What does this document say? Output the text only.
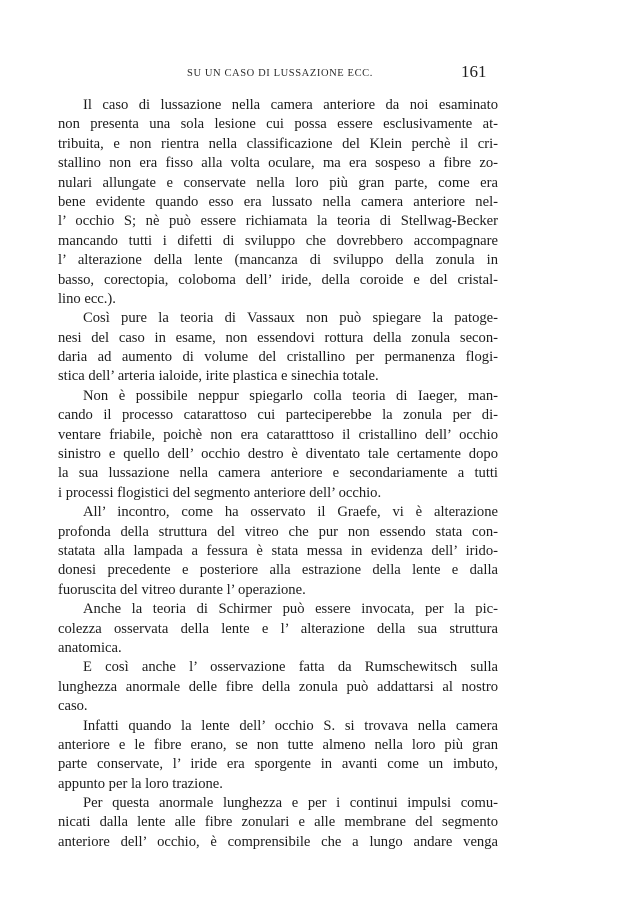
SU UN CASO DI LUSSAZIONE ECC.	161
Il caso di lussazione nella camera anteriore da noi esaminato
non presenta una sola lesione cui possa essere esclusivamente at-
tribuita, e non rientra nella classificazione del Klein perchè il cri-
stallino non era fisso alla volta oculare, ma era sospeso a fibre zo-
nulari allungate e conservate nella loro più gran parte, come era
bene evidente quando esso era lussato nella camera anteriore nel-
l’ occhio S; nè può essere richiamata la teoria di Stellwag-Becker
mancando tutti i difetti di sviluppo che dovrebbero accompagnare
l’ alterazione della lente (mancanza di sviluppo della zonula in
basso, corectopia, coloboma dell’ iride, della coroide e del cristal-
lino ecc.).
Così pure la teoria di Vassaux non può spiegare la patoge-
nesi del caso in esame, non essendovi rottura della zonula secon-
daria ad aumento di volume del cristallino per permanenza flogi-
stica dell’ arteria ialoide, irite plastica e sinechia totale.
Non è possibile neppur spiegarlo colla teoria di Iaeger, man-
cando il processo catarattoso cui parteciperebbe la zonula per di-
ventare friabile, poichè non era cataratttoso il cristallino dell’ occhio
sinistro e quello dell’ occhio destro è diventato tale certamente dopo
la sua lussazione nella camera anteriore e secondariamente a tutti
i processi flogistici del segmento anteriore dell’ occhio.
All’ incontro, come ha osservato il Graefe, vi è alterazione
profonda della struttura del vitreo che pur non essendo stata con-
statata alla lampada a fessura è stata messa in evidenza dell’ irido-
donesi precedente e posteriore alla estrazione della lente e dalla
fuoruscita del vitreo durante l’ operazione.
Anche la teoria di Schirmer può essere invocata, per la pic-
colezza osservata della lente e l’ alterazione della sua struttura
anatomica.
E così anche l’ osservazione fatta da Rumschewitsch sulla
lunghezza anormale delle fibre della zonula può addattarsi al nostro
caso.
Infatti quando la lente dell’ occhio S. si trovava nella camera
anteriore e le fibre erano, se non tutte almeno nella loro più gran
parte conservate, l’ iride era sporgente in avanti come un imbuto,
appunto per la loro trazione.
Per questa anormale lunghezza e per i continui impulsi comu-
nicati dalla lente alle fibre zonulari e alle membrane del segmento
anteriore dell’ occhio, è comprensibile che a lungo andare venga
